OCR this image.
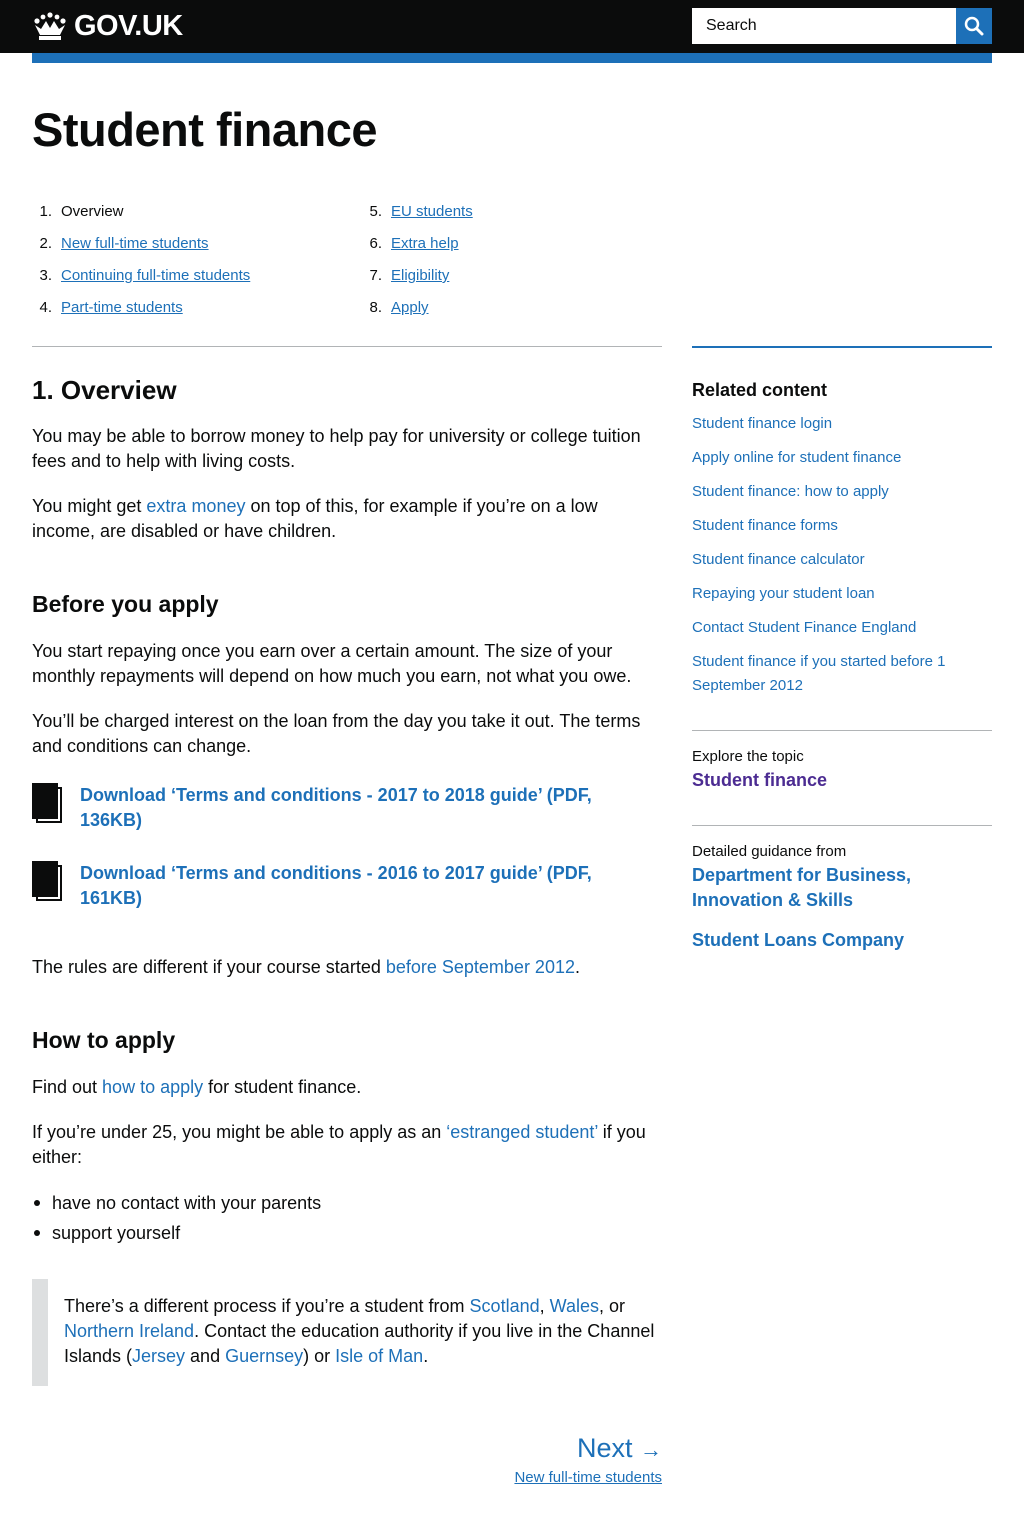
GOV.UK
Search
Student finance
1. Overview
2. New full-time students
3. Continuing full-time students
4. Part-time students
5. EU students
6. Extra help
7. Eligibility
8. Apply
1. Overview

You may be able to borrow money to help pay for university or college tuition fees and to help with living costs.

You might get extra money on top of this, for example if you’re on a low income, are disabled or have children.

Before you apply

You start repaying once you earn over a certain amount. The size of your monthly repayments will depend on how much you earn, not what you owe.

You’ll be charged interest on the loan from the day you take it out. The terms and conditions can change.

Download ‘Terms and conditions - 2017 to 2018 guide’ (PDF, 136KB)
Download ‘Terms and conditions - 2016 to 2017 guide’ (PDF, 161KB)

The rules are different if your course started before September 2012.

How to apply

Find out how to apply for student finance.

If you’re under 25, you might be able to apply as an ‘estranged student’ if you either:

have no contact with your parents
support yourself

There’s a different process if you’re a student from Scotland, Wales, or Northern Ireland. Contact the education authority if you live in the Channel Islands (Jersey and Guernsey) or Isle of Man.

Next →
New full-time students
Related content
Student finance login
Apply online for student finance
Student finance: how to apply
Student finance forms
Student finance calculator
Repaying your student loan
Contact Student Finance England
Student finance if you started before 1 September 2012
Explore the topic
Student finance
Detailed guidance from
Department for Business, Innovation & Skills
Student Loans Company
